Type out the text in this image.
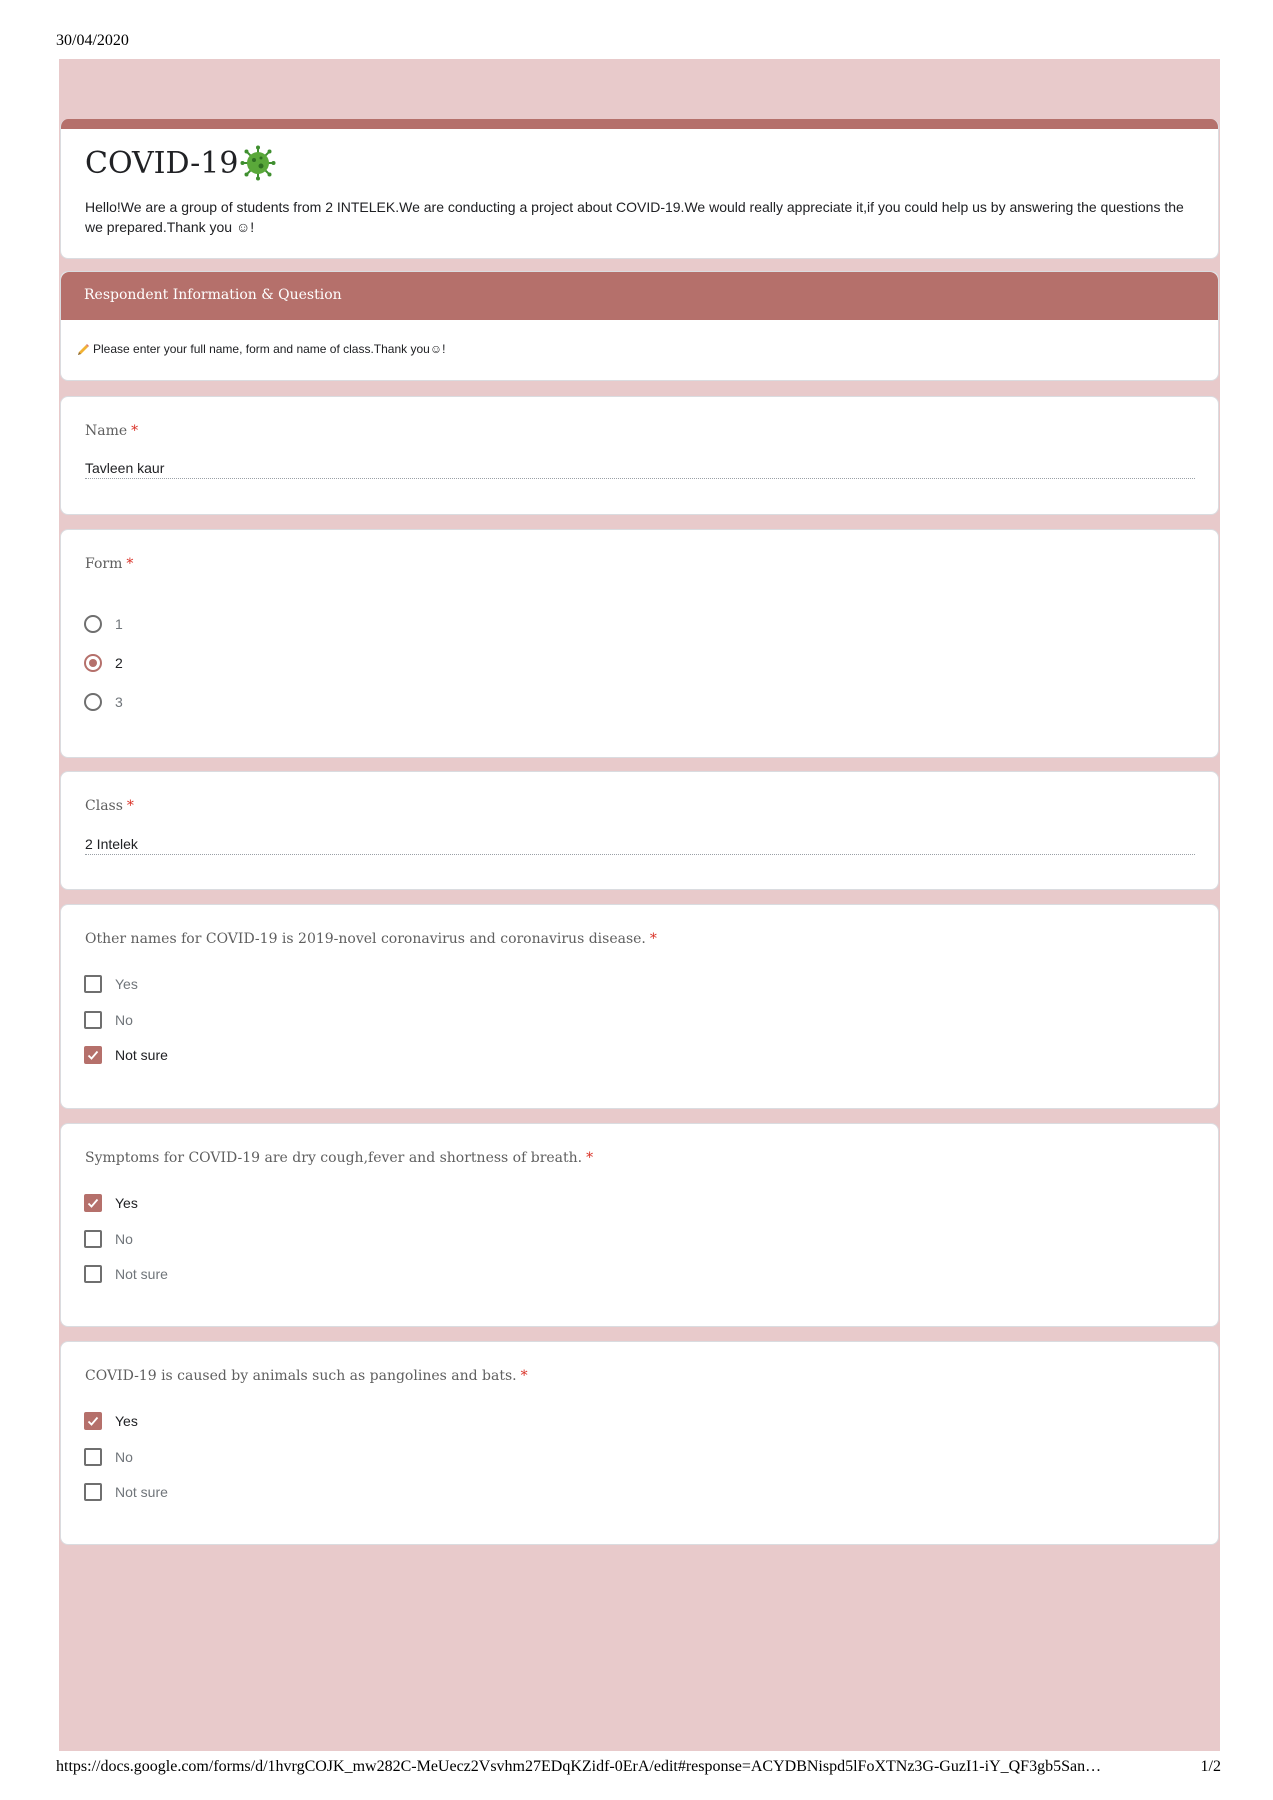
30/04/2020
COVID-19
Hello!We are a group of students from 2 INTELEK.We are conducting a project about COVID-19.We would really appreciate it,if you could help us by answering the questions the we prepared.Thank you ☺!
Respondent Information & Question
Please enter your full name, form and name of class.Thank you☺!
Name *
Tavleen kaur
Form *
1
2
3
Class *
2 Intelek
Other names for COVID-19 is 2019-novel coronavirus and coronavirus disease. *
Yes
No
Not sure
Symptoms for COVID-19 are dry cough,fever and shortness of breath. *
Yes
No
Not sure
COVID-19 is caused by animals such as pangolines and bats. *
Yes
No
Not sure
https://docs.google.com/forms/d/1hvrgCOJK_mw282C-MeUecz2Vsvhm27EDqKZidf-0ErA/edit#response=ACYDBNispd5lFoXTNz3G-GuzI1-iY_QF3gb5San…	1/2
